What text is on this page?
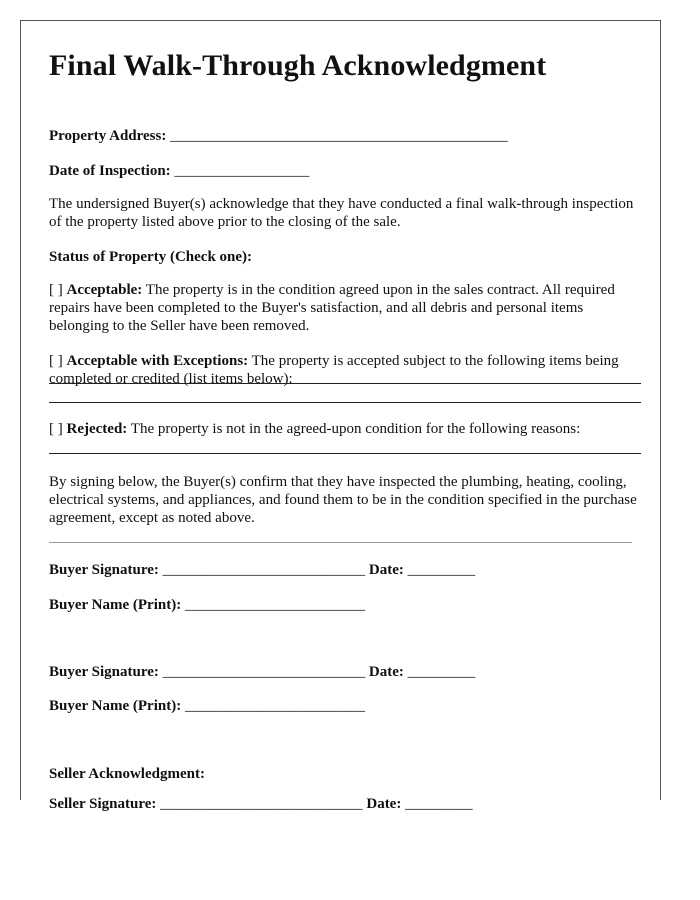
Final Walk-Through Acknowledgment
Property Address: _____________________________________________
Date of Inspection: __________________
The undersigned Buyer(s) acknowledge that they have conducted a final walk-through inspection of the property listed above prior to the closing of the sale.
Status of Property (Check one):
[ ] Acceptable: The property is in the condition agreed upon in the sales contract. All required repairs have been completed to the Buyer's satisfaction, and all debris and personal items belonging to the Seller have been removed.
[ ] Acceptable with Exceptions: The property is accepted subject to the following items being completed or credited (list items below):
[ ] Rejected: The property is not in the agreed-upon condition for the following reasons:
By signing below, the Buyer(s) confirm that they have inspected the plumbing, heating, cooling, electrical systems, and appliances, and found them to be in the condition specified in the purchase agreement, except as noted above.
Buyer Signature: ___________________________ Date: _________
Buyer Name (Print): ________________________
Buyer Signature: ___________________________ Date: _________
Buyer Name (Print): ________________________
Seller Acknowledgment:
Seller Signature: ___________________________ Date: _________
